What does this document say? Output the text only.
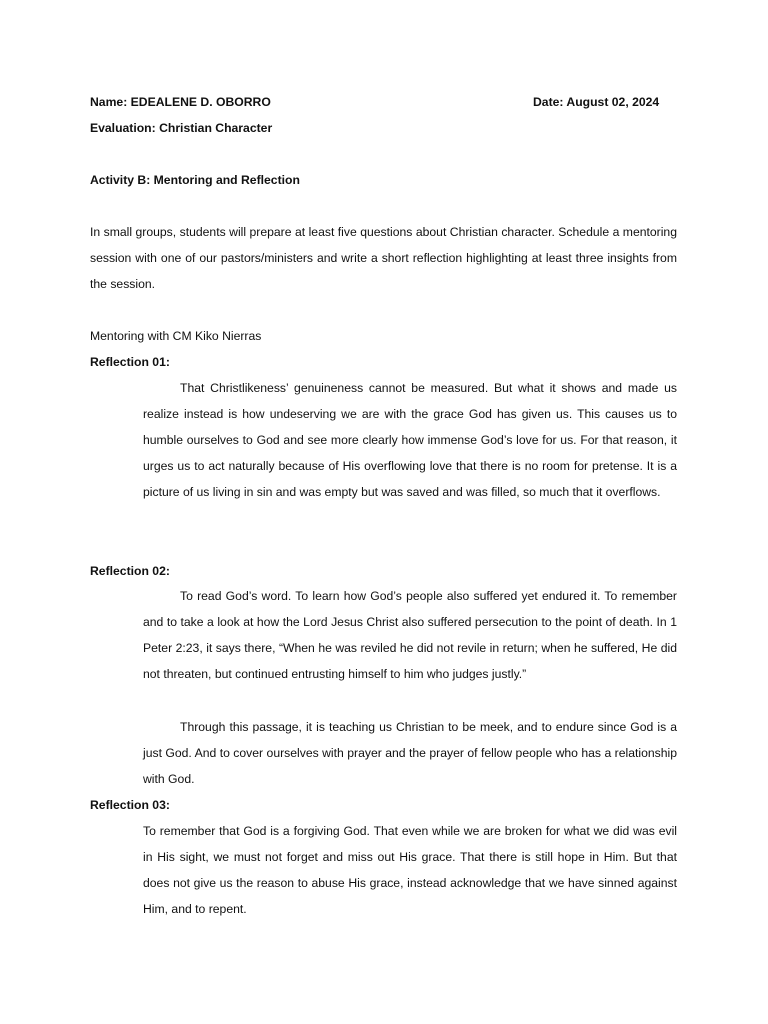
Name: EDEALENE D. OBORRO	Date: August 02, 2024
Evaluation: Christian Character
Activity B: Mentoring and Reflection

In small groups, students will prepare at least five questions about Christian character. Schedule a mentoring session with one of our pastors/ministers and write a short reflection highlighting at least three insights from the session.

Mentoring with CM Kiko Nierras
Reflection 01:

That Christlikeness’ genuineness cannot be measured. But what it shows and made us realize instead is how undeserving we are with the grace God has given us. This causes us to humble ourselves to God and see more clearly how immense God’s love for us. For that reason, it urges us to act naturally because of His overflowing love that there is no room for pretense. It is a picture of us living in sin and was empty but was saved and was filled, so much that it overflows.

Reflection 02:

To read God’s word. To learn how God’s people also suffered yet endured it. To remember and to take a look at how the Lord Jesus Christ also suffered persecution to the point of death. In 1 Peter 2:23, it says there, “When he was reviled he did not revile in return; when he suffered, He did not threaten, but continued entrusting himself to him who judges justly.”

Through this passage, it is teaching us Christian to be meek, and to endure since God is a just God. And to cover ourselves with prayer and the prayer of fellow people who has a relationship with God.

Reflection 03:

To remember that God is a forgiving God. That even while we are broken for what we did was evil in His sight, we must not forget and miss out His grace. That there is still hope in Him. But that does not give us the reason to abuse His grace, instead acknowledge that we have sinned against Him, and to repent.
